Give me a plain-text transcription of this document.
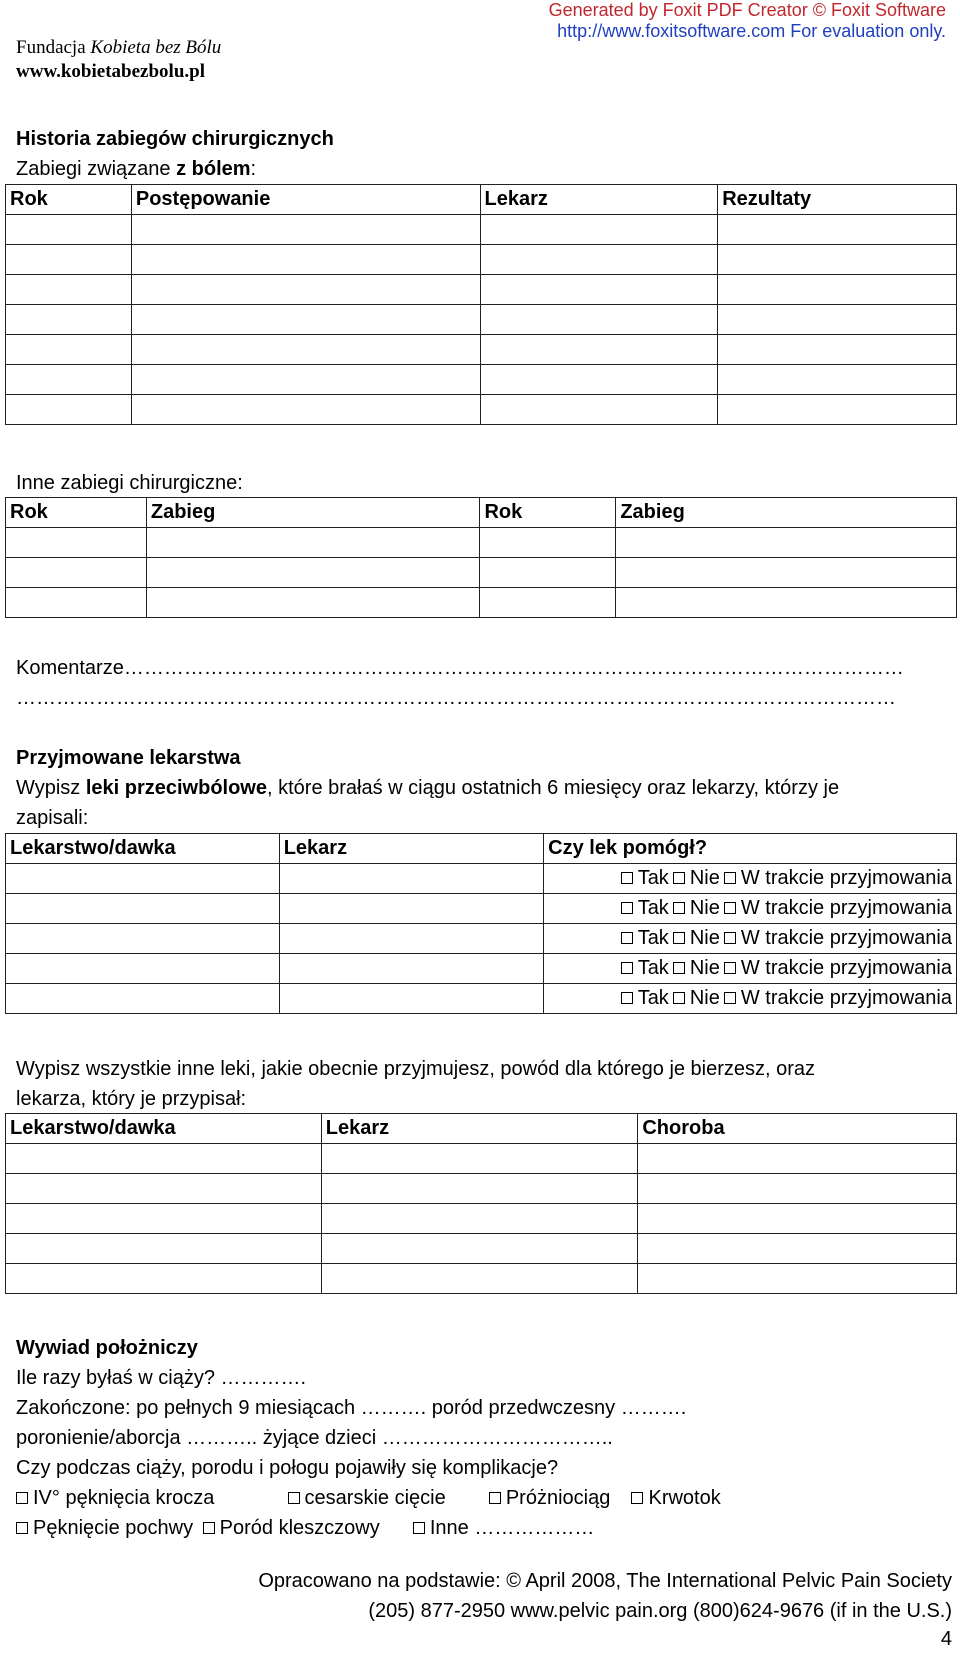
Generated by Foxit PDF Creator © Foxit Software
http://www.foxitsoftware.com For evaluation only.
Fundacja Kobieta bez Bólu
www.kobietabezbolu.pl
Historia zabiegów chirurgicznych
Zabiegi związane z bólem:
Rok	Postępowanie	Lekarz	Rezultaty

Inne zabiegi chirurgiczne:
Rok	Zabieg	Rok	Zabieg

Komentarze………………………………………………………………………………………………………
……………………………………………………………………………………………………………………
Przyjmowane lekarstwa
Wypisz leki przeciwbólowe, które brałaś w ciągu ostatnich 6 miesięcy oraz lekarzy, którzy je
zapisali:
Lekarstwo/dawka	Lekarz	Czy lek pomógł?
		Tak Nie W trakcie przyjmowania
		Tak Nie W trakcie przyjmowania
		Tak Nie W trakcie przyjmowania
		Tak Nie W trakcie przyjmowania
		Tak Nie W trakcie przyjmowania
Wypisz wszystkie inne leki, jakie obecnie przyjmujesz, powód dla którego je bierzesz, oraz
lekarza, który je przypisał:
Lekarstwo/dawka	Lekarz	Choroba

Wywiad położniczy
Ile razy byłaś w ciąży? ………….
Zakończone: po pełnych 9 miesiącach ………. poród przedwczesny ……….
poronienie/aborcja ……….. żyjące dzieci ……………………………..
Czy podczas ciąży, porodu i połogu pojawiły się komplikacje?
IV° pęknięcia krocza	cesarskie cięcie	Próżniociąg Krwotok
Pęknięcie pochwy Poród kleszczowy	Inne ………………
Opracowano na podstawie: © April 2008, The International Pelvic Pain Society
(205) 877-2950 www.pelvic pain.org (800)624-9676 (if in the U.S.)
4
